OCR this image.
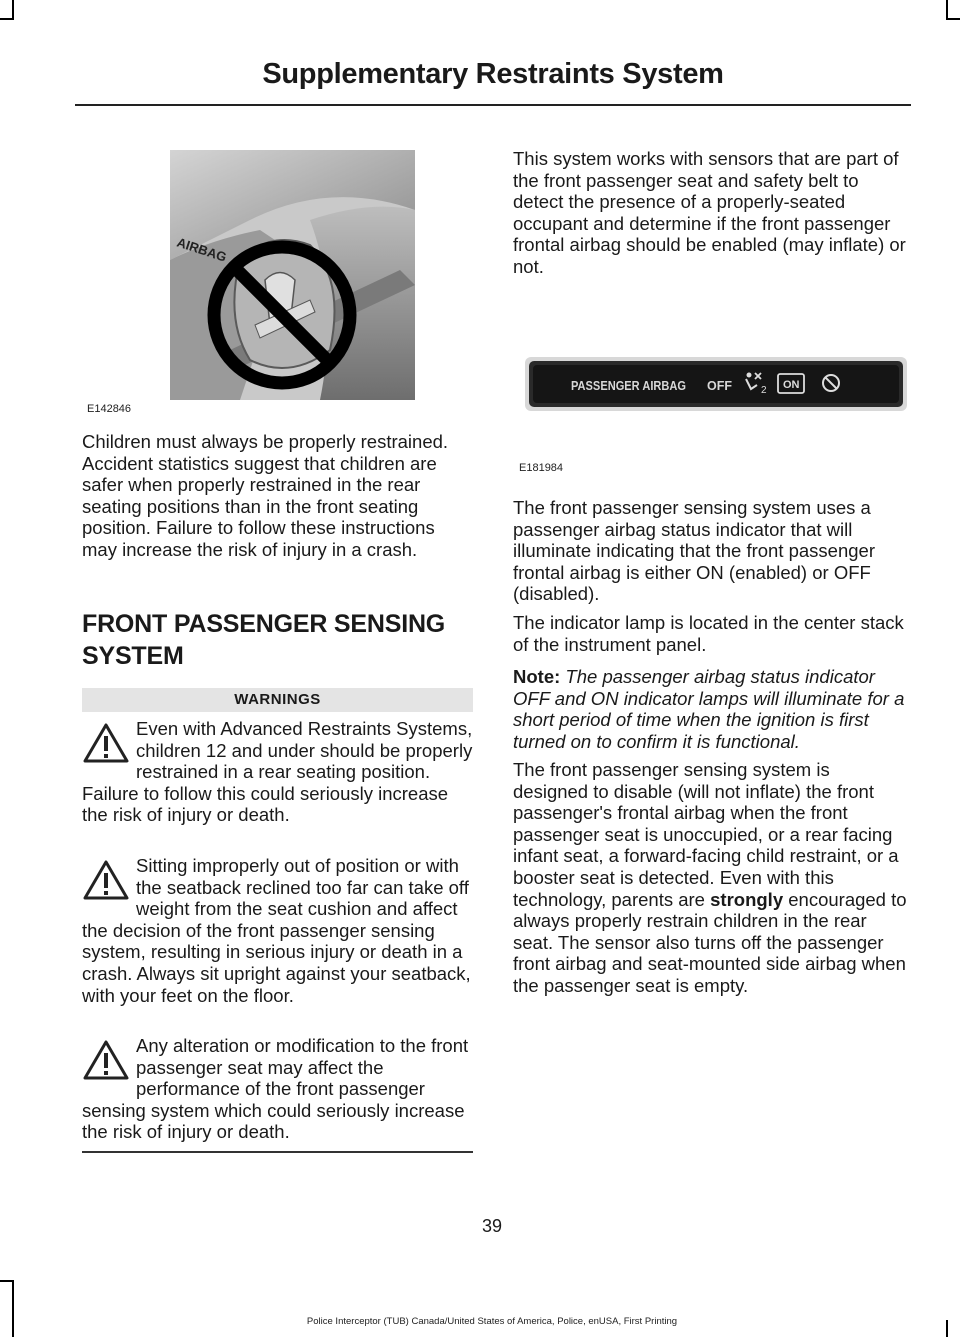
Supplementary Restraints System
AIRBAG
E142846

Children must always be properly restrained. Accident statistics suggest that children are safer when properly restrained in the rear seating positions than in the front seating position. Failure to follow these instructions may increase the risk of injury in a crash.

FRONT PASSENGER SENSING
SYSTEM
WARNINGS

Even with Advanced Restraints Systems, children 12 and under should be properly restrained in a rear seating position. Failure to follow this could seriously increase the risk of injury or death.

Sitting improperly out of position or with the seatback reclined too far can take off weight from the seat cushion and affect the decision of the front passenger sensing system, resulting in serious injury or death in a crash. Always sit upright against your seatback, with your feet on the floor.

Any alteration or modification to the front passenger seat may affect the performance of the front passenger sensing system which could seriously increase the risk of injury or death.

This system works with sensors that are part of the front passenger seat and safety belt to detect the presence of a properly-seated occupant and determine if the front passenger frontal airbag should be enabled (may inflate) or not.

PASSENGER AIRBAG OFF	2 ON
E181984

The front passenger sensing system uses a passenger airbag status indicator that will illuminate indicating that the front passenger frontal airbag is either ON (enabled) or OFF (disabled).

The indicator lamp is located in the center stack of the instrument panel.

Note: The passenger airbag status indicator OFF and ON indicator lamps will illuminate for a short period of time when the ignition is first turned on to confirm it is functional.

The front passenger sensing system is designed to disable (will not inflate) the front passenger's frontal airbag when the front passenger seat is unoccupied, or a rear facing infant seat, a forward-facing child restraint, or a booster seat is detected. Even with this technology, parents are strongly encouraged to always properly restrain children in the rear seat. The sensor also turns off the passenger front airbag and seat-mounted side airbag when the passenger seat is empty.

39
Police Interceptor (TUB) Canada/United States of America, Police, enUSA, First Printing
